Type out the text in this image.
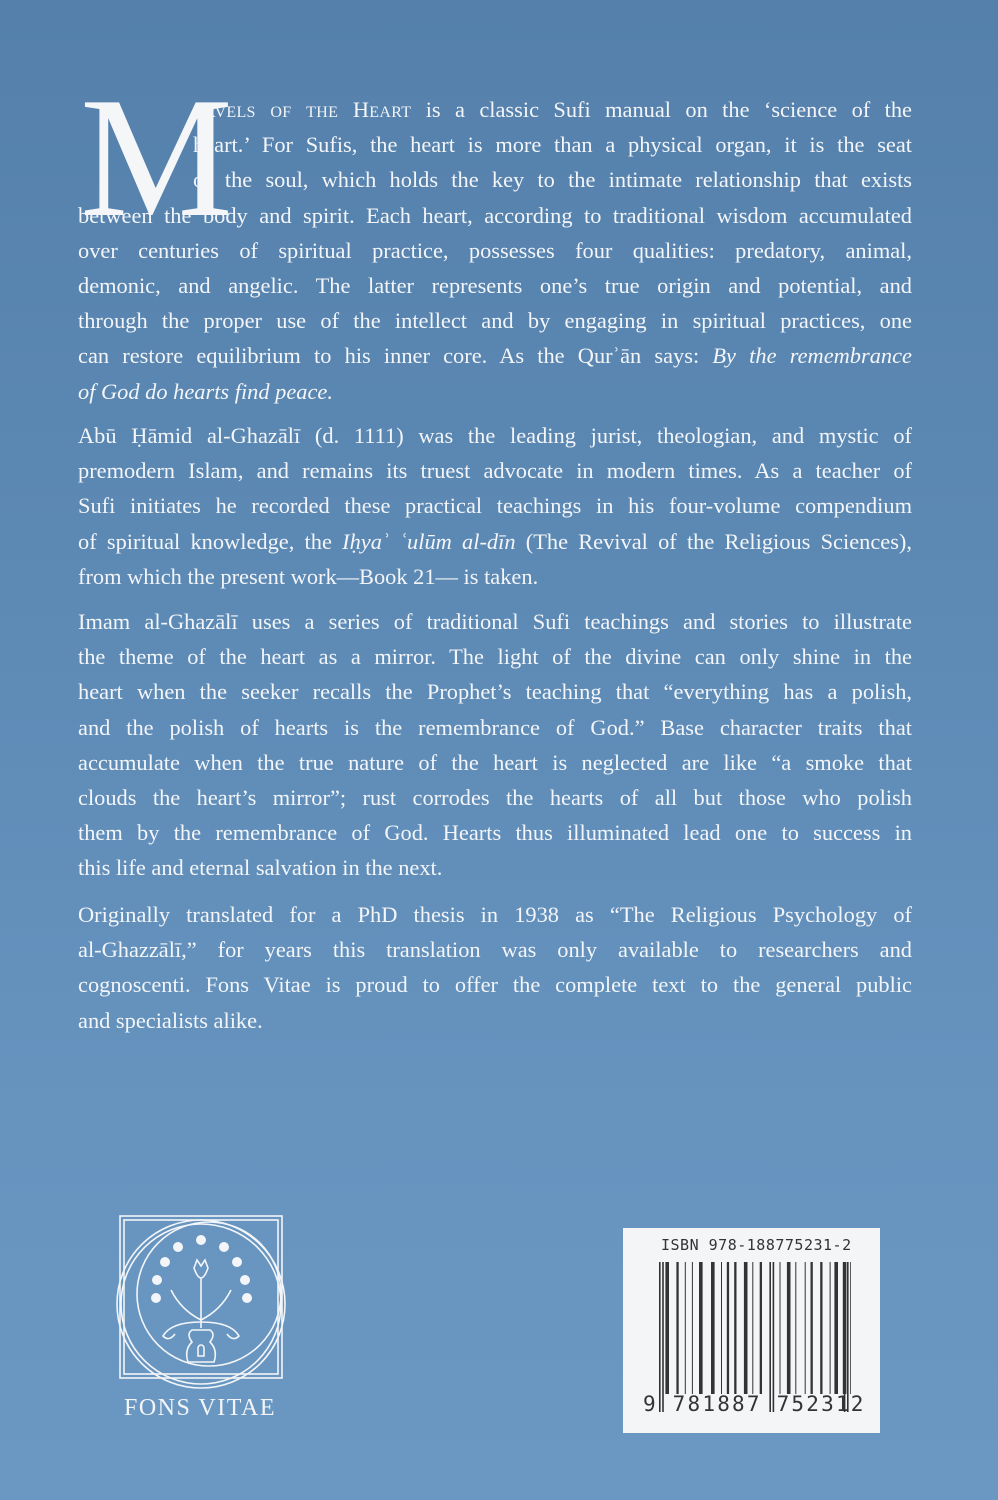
M
arvels of the Heart is a classic Sufi manual on the ‘science of the
heart.’ For Sufis, the heart is more than a physical organ, it is the seat
of the soul, which holds the key to the intimate relationship that exists
between the body and spirit. Each heart, according to traditional wisdom accumulated
over centuries of spiritual practice, possesses four qualities: predatory, animal,
demonic, and angelic. The latter represents one’s true origin and potential, and
through the proper use of the intellect and by engaging in spiritual practices, one
can restore equilibrium to his inner core. As the Qurʾān says: By the remembrance
of God do hearts find peace.
Abū Ḥāmid al-Ghazālī (d. 1111) was the leading jurist, theologian, and mystic of
premodern Islam, and remains its truest advocate in modern times. As a teacher of
Sufi initiates he recorded these practical teachings in his four-volume compendium
of spiritual knowledge, the Iḥyaʾ ʿulūm al-dīn (The Revival of the Religious Sciences),
from which the present work—Book 21— is taken.
Imam al-Ghazālī uses a series of traditional Sufi teachings and stories to illustrate
the theme of the heart as a mirror. The light of the divine can only shine in the
heart when the seeker recalls the Prophet’s teaching that “everything has a polish,
and the polish of hearts is the remembrance of God.” Base character traits that
accumulate when the true nature of the heart is neglected are like “a smoke that
clouds the heart’s mirror”; rust corrodes the hearts of all but those who polish
them by the remembrance of God. Hearts thus illuminated lead one to success in
this life and eternal salvation in the next.
Originally translated for a PhD thesis in 1938 as “The Religious Psychology of
al-Ghazzālī,” for years this translation was only available to researchers and
cognoscenti. Fons Vitae is proud to offer the complete text to the general public
and specialists alike.
FONS VITAE
ISBN 978-188775231-2
9 781887 752312
